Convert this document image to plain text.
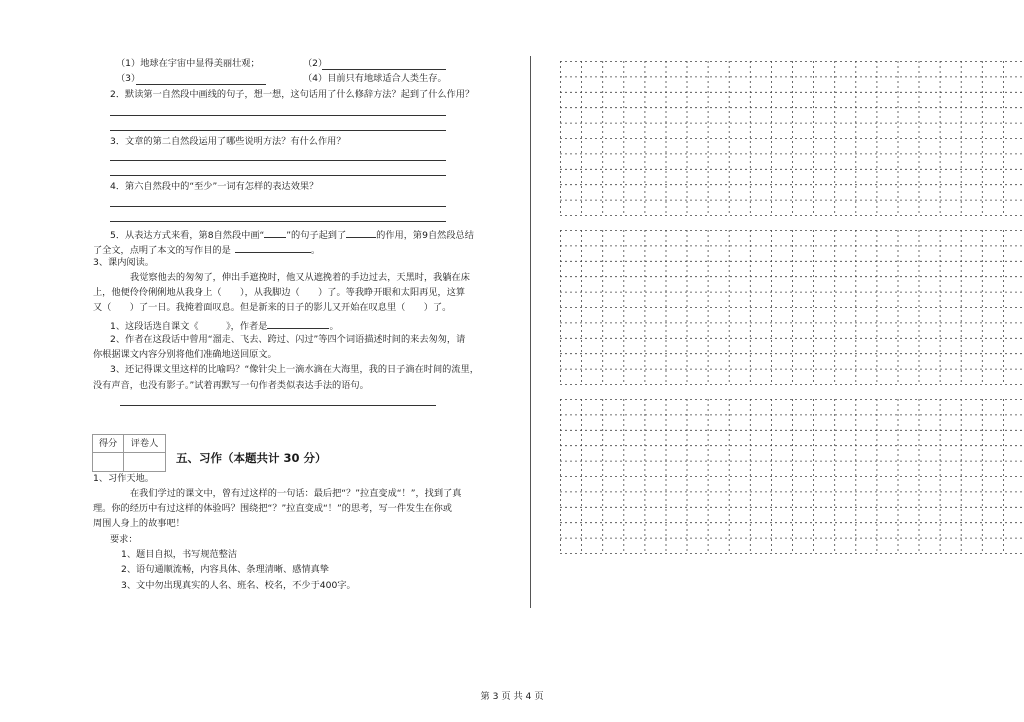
（1）地球在宇宙中显得美丽壮观；	（2）
（3）	（4）目前只有地球适合人类生存。
2．默读第一自然段中画线的句子，想一想，这句话用了什么修辞方法？起到了什么作用？
3．文章的第二自然段运用了哪些说明方法？有什么作用？
4．第六自然段中的“至少”一词有怎样的表达效果？
5．从表达方式来看，第8自然段中画“ ”的句子起到了	的作用，第9自然段总结
了全文，点明了本文的写作目的是	。
3、课内阅读。
我觉察他去的匆匆了，伸出手遮挽时，他又从遮挽着的手边过去，天黑时，我躺在床
上，他便伶伶俐俐地从我身上（　　），从我脚边（　　）了。等我睁开眼和太阳再见，这算
又（　　）了一日。我掩着面叹息。但是新来的日子的影儿又开始在叹息里（　　）了。
1、这段话选自课文《　　　》，作者是	。
2、作者在这段话中曾用“溜走、飞去、跨过、闪过”等四个词语描述时间的来去匆匆，请
你根据课文内容分别将他们准确地送回原文。
3、还记得课文里这样的比喻吗？“像针尖上一滴水滴在大海里，我的日子滴在时间的流里，
没有声音，也没有影子。”试着再默写一句作者类似表达手法的语句。
得分	评卷人
五、习作（本题共计 30 分）
1、习作天地。
在我们学过的课文中，曾有过这样的一句话：最后把“？”拉直变成“！”，找到了真
理。你的经历中有过这样的体验吗？围绕把“？”拉直变成“！”的思考，写一件发生在你或
周围人身上的故事吧！
要求：
1、题目自拟，书写规范整洁
2、语句通顺流畅，内容具体、条理清晰、感情真挚
3、文中勿出现真实的人名、班名、校名，不少于400字。
第 3 页 共 4 页
